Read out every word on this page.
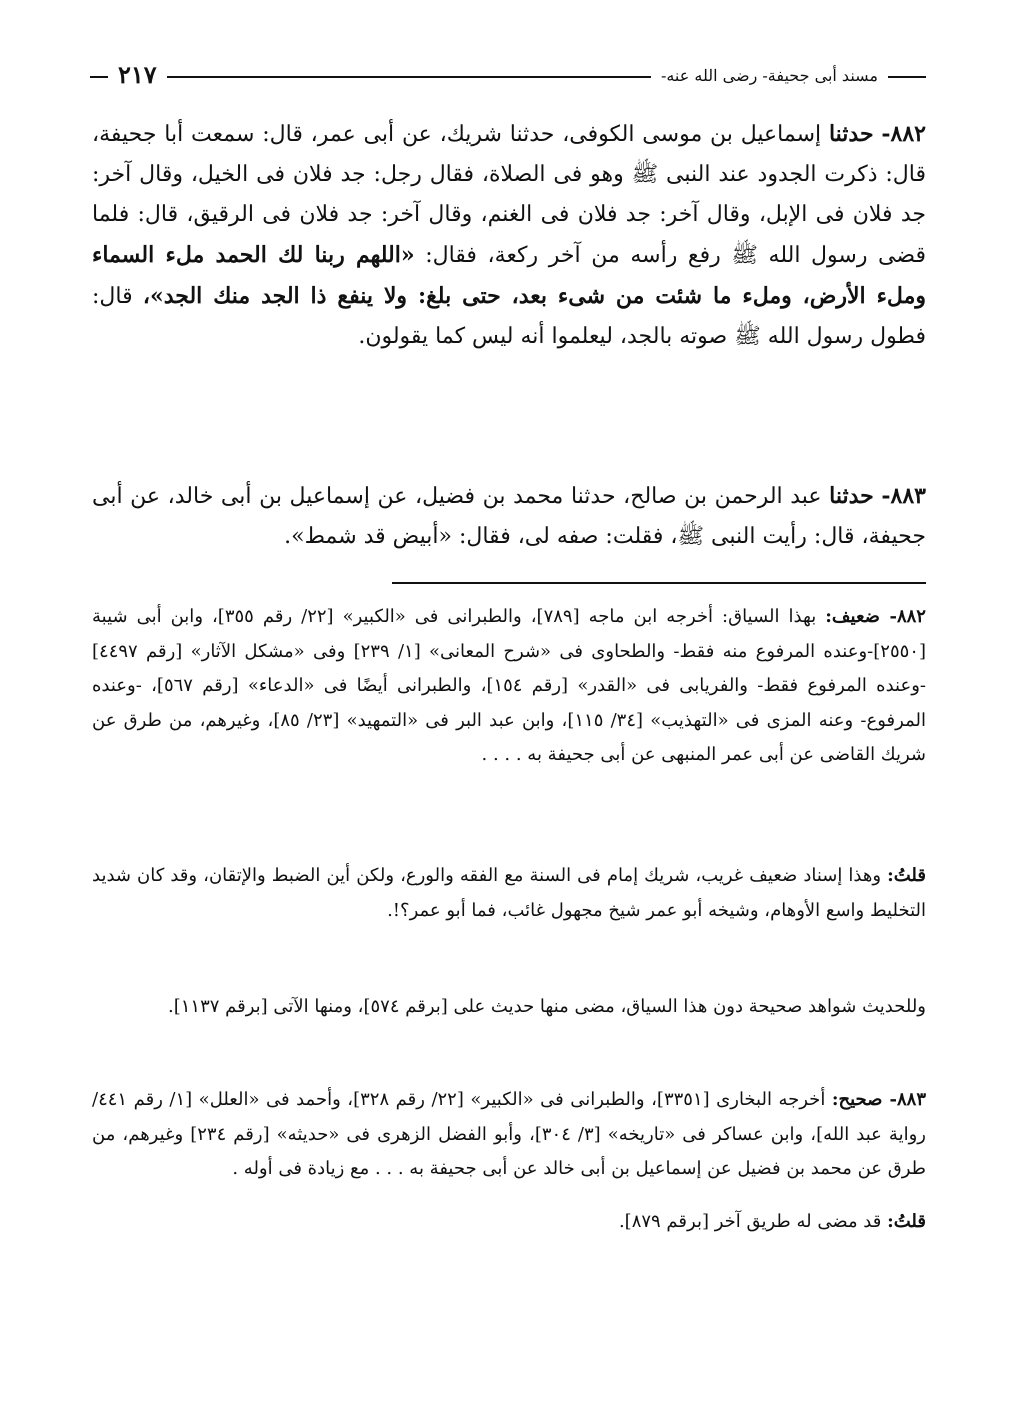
٢١٧	مسند أبى جحيفة- رضى الله عنه-

٨٨٢- حدثنا إسماعيل بن موسى الكوفى، حدثنا شريك، عن أبى عمر، قال: سمعت أبا جحيفة، قال: ذكرت الجدود عند النبى ﷺ وهو فى الصلاة، فقال رجل: جد فلان فى الخيل، وقال آخر: جد فلان فى الإبل، وقال آخر: جد فلان فى الغنم، وقال آخر: جد فلان فى الرقيق، قال: فلما قضى رسول الله ﷺ رفع رأسه من آخر ركعة، فقال: «اللهم ربنا لك الحمد ملء السماء وملء الأرض، وملء ما شئت من شىء بعد، حتى بلغ: ولا ينفع ذا الجد منك الجد»، قال: فطول رسول الله ﷺ صوته بالجد، ليعلموا أنه ليس كما يقولون.

٨٨٣- حدثنا عبد الرحمن بن صالح، حدثنا محمد بن فضيل، عن إسماعيل بن أبى خالد، عن أبى جحيفة، قال: رأيت النبى ﷺ، فقلت: صفه لى، فقال: «أبيض قد شمط».

٨٨٢- ضعيف: بهذا السياق: أخرجه ابن ماجه [٧٨٩]، والطبرانى فى «الكبير» [٢٢/ رقم ٣٥٥]، وابن أبى شيبة [٢٥٥٠]-وعنده المرفوع منه فقط- والطحاوى فى «شرح المعانى» [١/ ٢٣٩] وفى «مشكل الآثار» [رقم ٤٤٩٧] -وعنده المرفوع فقط- والفريابى فى «القدر» [رقم ١٥٤]، والطبرانى أيضًا فى «الدعاء» [رقم ٥٦٧]، -وعنده المرفوع- وعنه المزى فى «التهذيب» [٣٤/ ١١٥]، وابن عبد البر فى «التمهيد» [٢٣/ ٨٥]، وغيرهم، من طرق عن شريك القاضى عن أبى عمر المنبهى عن أبى جحيفة به . . . .

قلتُ: وهذا إسناد ضعيف غريب، شريك إمام فى السنة مع الفقه والورع، ولكن أين الضبط والإتقان، وقد كان شديد التخليط واسع الأوهام، وشيخه أبو عمر شيخ مجهول غائب، فما أبو عمر؟!.

وللحديث شواهد صحيحة دون هذا السياق، مضى منها حديث على [برقم ٥٧٤]، ومنها الآتى [برقم ١١٣٧].

٨٨٣- صحيح: أخرجه البخارى [٣٣٥١]، والطبرانى فى «الكبير» [٢٢/ رقم ٣٢٨]، وأحمد فى «العلل» [١/ رقم ٤٤١/ رواية عبد الله]، وابن عساكر فى «تاريخه» [٣/ ٣٠٤]، وأبو الفضل الزهرى فى «حديثه» [رقم ٢٣٤] وغيرهم، من طرق عن محمد بن فضيل عن إسماعيل بن أبى خالد عن أبى جحيفة به . . . مع زيادة فى أوله .

قلتُ: قد مضى له طريق آخر [برقم ٨٧٩].
